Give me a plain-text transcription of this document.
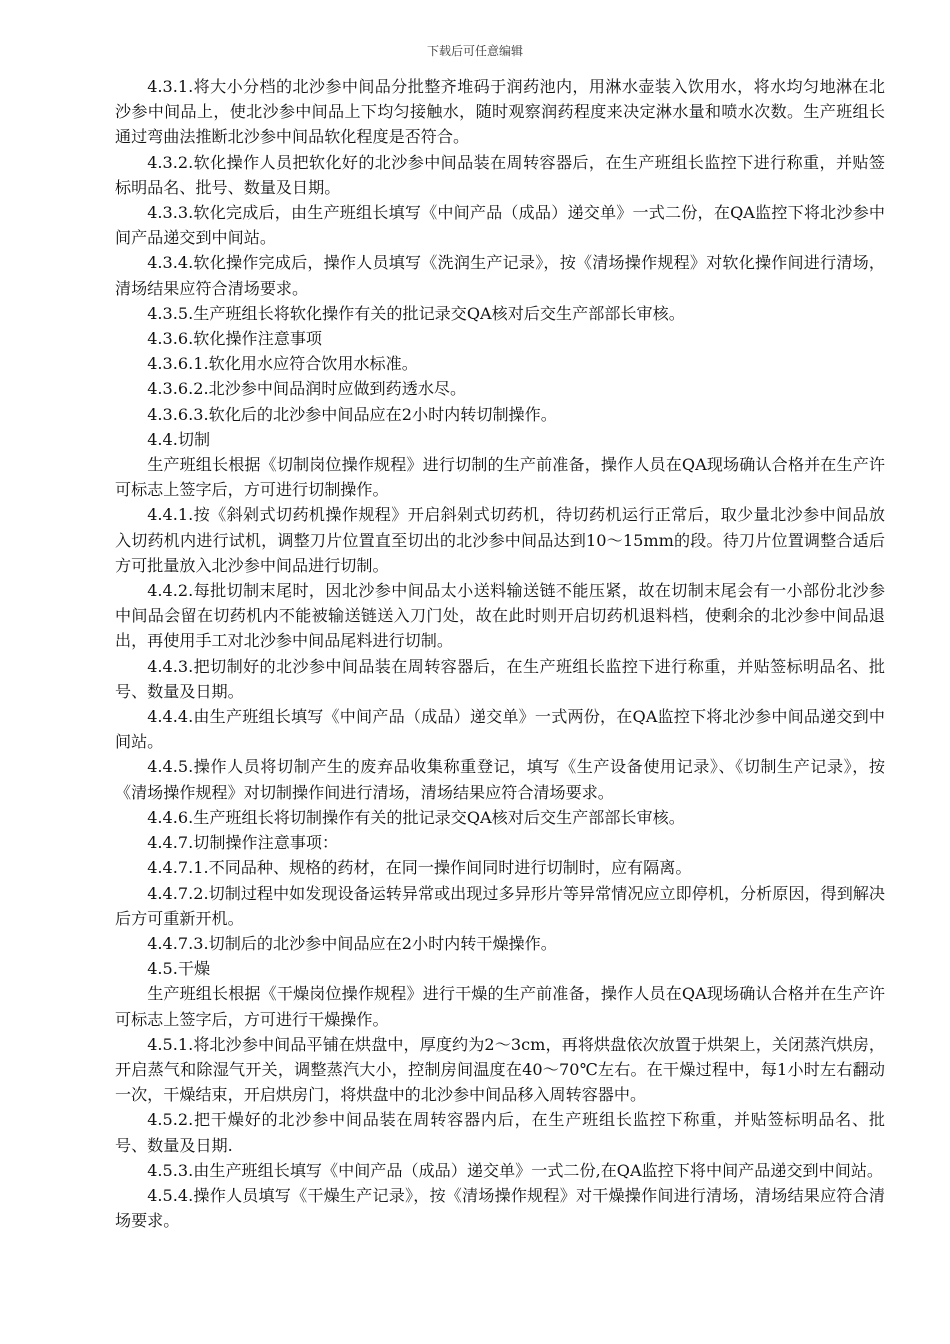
下载后可任意编辑

4.3.1.将大小分档的北沙参中间品分批整齐堆码于润药池内，用淋水壶装入饮用水，将水均匀地淋在北沙参中间品上，使北沙参中间品上下均匀接触水，随时观察润药程度来决定淋水量和喷水次数。生产班组长通过弯曲法推断北沙参中间品软化程度是否符合。

4.3.2.软化操作人员把软化好的北沙参中间品装在周转容器后，在生产班组长监控下进行称重，并贴签标明品名、批号、数量及日期。

4.3.3.软化完成后，由生产班组长填写《中间产品（成品）递交单》一式二份，在QA监控下将北沙参中间产品递交到中间站。

4.3.4.软化操作完成后，操作人员填写《洗润生产记录》，按《清场操作规程》对软化操作间进行清场，清场结果应符合清场要求。

4.3.5.生产班组长将软化操作有关的批记录交QA核对后交生产部部长审核。

4.3.6.软化操作注意事项

4.3.6.1.软化用水应符合饮用水标准。

4.3.6.2.北沙参中间品润时应做到药透水尽。

4.3.6.3.软化后的北沙参中间品应在2小时内转切制操作。

4.4.切制

生产班组长根据《切制岗位操作规程》进行切制的生产前准备，操作人员在QA现场确认合格并在生产许可标志上签字后，方可进行切制操作。

4.4.1.按《斜剁式切药机操作规程》开启斜剁式切药机，待切药机运行正常后，取少量北沙参中间品放入切药机内进行试机，调整刀片位置直至切出的北沙参中间品达到10～15mm的段。待刀片位置调整合适后方可批量放入北沙参中间品进行切制。

4.4.2.每批切制末尾时，因北沙参中间品太小送料输送链不能压紧，故在切制末尾会有一小部份北沙参中间品会留在切药机内不能被输送链送入刀门处，故在此时则开启切药机退料档，使剩余的北沙参中间品退出，再使用手工对北沙参中间品尾料进行切制。

4.4.3.把切制好的北沙参中间品装在周转容器后，在生产班组长监控下进行称重，并贴签标明品名、批号、数量及日期。

4.4.4.由生产班组长填写《中间产品（成品）递交单》一式两份，在QA监控下将北沙参中间品递交到中间站。

4.4.5.操作人员将切制产生的废弃品收集称重登记，填写《生产设备使用记录》、《切制生产记录》，按《清场操作规程》对切制操作间进行清场，清场结果应符合清场要求。

4.4.6.生产班组长将切制操作有关的批记录交QA核对后交生产部部长审核。

4.4.7.切制操作注意事项：

4.4.7.1.不同品种、规格的药材，在同一操作间同时进行切制时，应有隔离。

4.4.7.2.切制过程中如发现设备运转异常或出现过多异形片等异常情况应立即停机，分析原因，得到解决后方可重新开机。

4.4.7.3.切制后的北沙参中间品应在2小时内转干燥操作。

4.5.干燥

生产班组长根据《干燥岗位操作规程》进行干燥的生产前准备，操作人员在QA现场确认合格并在生产许可标志上签字后，方可进行干燥操作。

4.5.1.将北沙参中间品平铺在烘盘中，厚度约为2～3cm，再将烘盘依次放置于烘架上，关闭蒸汽烘房，开启蒸气和除湿气开关，调整蒸汽大小，控制房间温度在40～70℃左右。在干燥过程中，每1小时左右翻动一次，干燥结束，开启烘房门，将烘盘中的北沙参中间品移入周转容器中。

4.5.2.把干燥好的北沙参中间品装在周转容器内后，在生产班组长监控下称重，并贴签标明品名、批号、数量及日期.

4.5.3.由生产班组长填写《中间产品（成品）递交单》一式二份,在QA监控下将中间产品递交到中间站。

4.5.4.操作人员填写《干燥生产记录》，按《清场操作规程》对干燥操作间进行清场，清场结果应符合清场要求。
